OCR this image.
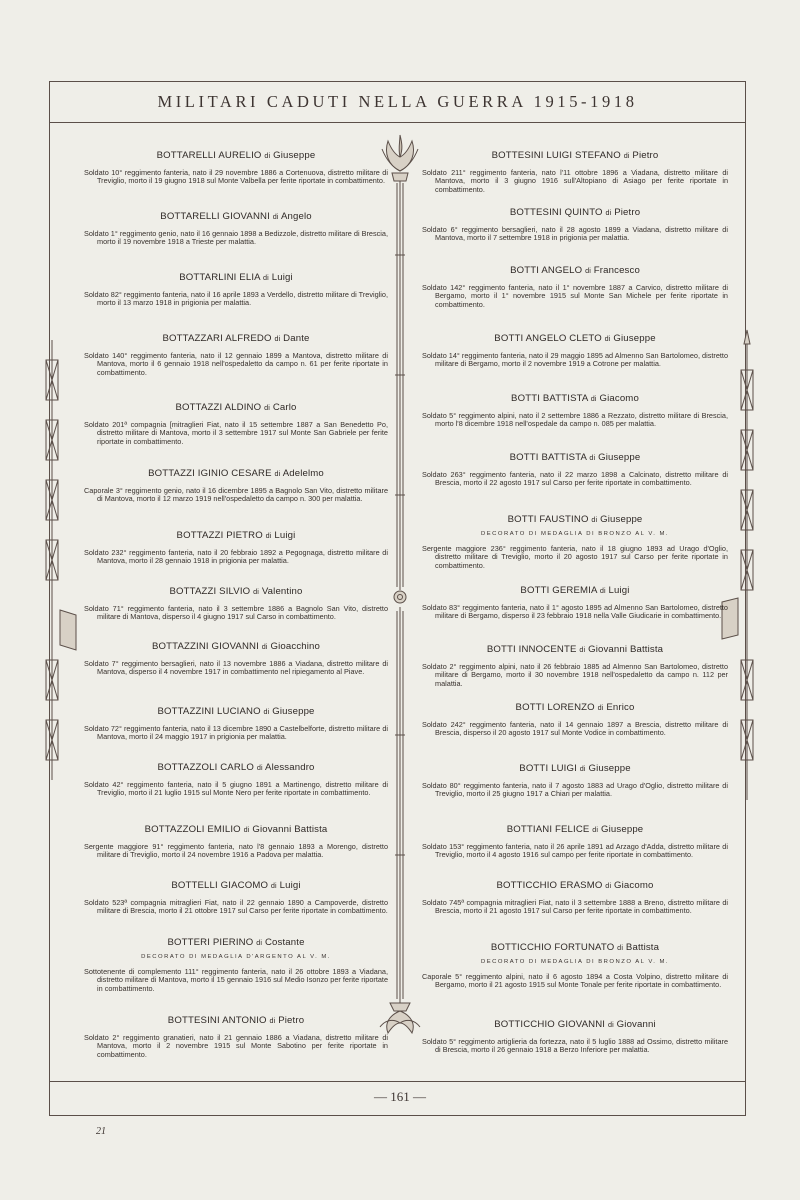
MILITARI CADUTI NELLA GUERRA 1915-1918
BOTTARELLI AURELIO di Giuseppe
Soldato 10° reggimento fanteria, nato il 29 novembre 1886 a Cortenuova, distretto militare di Treviglio, morto il 19 giugno 1918 sul Monte Valbella per ferite riportate in combattimento.
BOTTARELLI GIOVANNI di Angelo
Soldato 1° reggimento genio, nato il 16 gennaio 1898 a Bedizzole, distretto militare di Brescia, morto il 19 novembre 1918 a Trieste per malattia.
BOTTARLINI ELIA di Luigi
Soldato 82° reggimento fanteria, nato il 16 aprile 1893 a Verdello, distretto militare di Treviglio, morto il 13 marzo 1918 in prigionia per malattia.
BOTTAZZARI ALFREDO di Dante
Soldato 140° reggimento fanteria, nato il 12 gennaio 1899 a Mantova, distretto militare di Mantova, morto il 6 gennaio 1918 nell'ospedaletto da campo n. 61 per ferite riportate in combattimento.
BOTTAZZI ALDINO di Carlo
Soldato 201ª compagnia [mitraglieri Fiat, nato il 15 settembre 1887 a San Benedetto Po, distretto militare di Mantova, morto il 3 settembre 1917 sul Monte San Gabriele per ferite riportate in combattimento.
BOTTAZZI IGINIO CESARE di Adelelmo
Caporale 3° reggimento genio, nato il 16 dicembre 1895 a Bagnolo San Vito, distretto militare di Mantova, morto il 12 marzo 1919 nell'ospedaletto da campo n. 300 per malattia.
BOTTAZZI PIETRO di Luigi
Soldato 232° reggimento fanteria, nato il 20 febbraio 1892 a Pegognaga, distretto militare di Mantova, morto il 28 gennaio 1918 in prigionia per malattia.
BOTTAZZI SILVIO di Valentino
Soldato 71° reggimento fanteria, nato il 3 settembre 1886 a Bagnolo San Vito, distretto militare di Mantova, disperso il 4 giugno 1917 sul Carso in combattimento.
BOTTAZZINI GIOVANNI di Gioacchino
Soldato 7° reggimento bersaglieri, nato il 13 novembre 1886 a Viadana, distretto militare di Mantova, disperso il 4 novembre 1917 in combattimento nel ripiegamento al Piave.
BOTTAZZINI LUCIANO di Giuseppe
Soldato 72° reggimento fanteria, nato il 13 dicembre 1890 a Castelbelforte, distretto militare di Mantova, morto il 24 maggio 1917 in prigionia per malattia.
BOTTAZZOLI CARLO di Alessandro
Soldato 42° reggimento fanteria, nato il 5 giugno 1891 a Martinengo, distretto militare di Treviglio, morto il 21 luglio 1915 sul Monte Nero per ferite riportate in combattimento.
BOTTAZZOLI EMILIO di Giovanni Battista
Sergente maggiore 91° reggimento fanteria, nato l'8 gennaio 1893 a Morengo, distretto militare di Treviglio, morto il 24 novembre 1916 a Padova per malattia.
BOTTELLI GIACOMO di Luigi
Soldato 523ª compagnia mitraglieri Fiat, nato il 22 gennaio 1890 a Campoverde, distretto militare di Brescia, morto il 21 ottobre 1917 sul Carso per ferite riportate in combattimento.
BOTTERI PIERINO di Costante
DECORATO DI MEDAGLIA D'ARGENTO AL V. M.
Sottotenente di complemento 111° reggimento fanteria, nato il 26 ottobre 1893 a Viadana, distretto militare di Mantova, morto il 15 gennaio 1916 sul Medio Isonzo per ferite riportate in combattimento.
BOTTESINI ANTONIO di Pietro
Soldato 2° reggimento granatieri, nato il 21 gennaio 1886 a Viadana, distretto militare di Mantova, morto il 2 novembre 1915 sul Monte Sabotino per ferite riportate in combattimento.
BOTTESINI LUIGI STEFANO di Pietro
Soldato 211° reggimento fanteria, nato l'11 ottobre 1896 a Viadana, distretto militare di Mantova, morto il 3 giugno 1916 sull'Altopiano di Asiago per ferite riportate in combattimento.
BOTTESINI QUINTO di Pietro
Soldato 6° reggimento bersaglieri, nato il 28 agosto 1899 a Viadana, distretto militare di Mantova, morto il 7 settembre 1918 in prigionia per malattia.
BOTTI ANGELO di Francesco
Soldato 142° reggimento fanteria, nato il 1° novembre 1887 a Carvico, distretto militare di Bergamo, morto il 1° novembre 1915 sul Monte San Michele per ferite riportate in combattimento.
BOTTI ANGELO CLETO di Giuseppe
Soldato 14° reggimento fanteria, nato il 29 maggio 1895 ad Almenno San Bartolomeo, distretto militare di Bergamo, morto il 2 novembre 1919 a Cotrone per malattia.
BOTTI BATTISTA di Giacomo
Soldato 5° reggimento alpini, nato il 2 settembre 1886 a Rezzato, distretto militare di Brescia, morto l'8 dicembre 1918 nell'ospedale da campo n. 085 per malattia.
BOTTI BATTISTA di Giuseppe
Soldato 263° reggimento fanteria, nato il 22 marzo 1898 a Calcinato, distretto militare di Brescia, morto il 22 agosto 1917 sul Carso per ferite riportate in combattimento.
BOTTI FAUSTINO di Giuseppe
DECORATO DI MEDAGLIA DI BRONZO AL V. M.
Sergente maggiore 236° reggimento fanteria, nato il 18 giugno 1893 ad Urago d'Oglio, distretto militare di Treviglio, morto il 20 agosto 1917 sul Carso per ferite riportate in combattimento.
BOTTI GEREMIA di Luigi
Soldato 83° reggimento fanteria, nato il 1° agosto 1895 ad Almenno San Bartolomeo, distretto militare di Bergamo, disperso il 23 febbraio 1918 nella Valle Giudicarie in combattimento.
BOTTI INNOCENTE di Giovanni Battista
Soldato 2° reggimento alpini, nato il 26 febbraio 1885 ad Almenno San Bartolomeo, distretto militare di Bergamo, morto il 30 novembre 1918 nell'ospedaletto da campo n. 112 per malattia.
BOTTI LORENZO di Enrico
Soldato 242° reggimento fanteria, nato il 14 gennaio 1897 a Brescia, distretto militare di Brescia, disperso il 20 agosto 1917 sul Monte Vodice in combattimento.
BOTTI LUIGI di Giuseppe
Soldato 80° reggimento fanteria, nato il 7 agosto 1883 ad Urago d'Oglio, distretto militare di Treviglio, morto il 25 giugno 1917 a Chiari per malattia.
BOTTIANI FELICE di Giuseppe
Soldato 153° reggimento fanteria, nato il 26 aprile 1891 ad Arzago d'Adda, distretto militare di Treviglio, morto il 4 agosto 1916 sul campo per ferite riportate in combattimento.
BOTTICCHIO ERASMO di Giacomo
Soldato 745ª compagnia mitraglieri Fiat, nato il 3 settembre 1888 a Breno, distretto militare di Brescia, morto il 21 agosto 1917 sul Carso per ferite riportate in combattimento.
BOTTICCHIO FORTUNATO di Battista
DECORATO DI MEDAGLIA DI BRONZO AL V. M.
Caporale 5° reggimento alpini, nato il 6 agosto 1894 a Costa Volpino, distretto militare di Bergamo, morto il 21 agosto 1915 sul Monte Tonale per ferite riportate in combattimento.
BOTTICCHIO GIOVANNI di Giovanni
Soldato 5° reggimento artiglieria da fortezza, nato il 5 luglio 1888 ad Ossimo, distretto militare di Brescia, morto il 26 gennaio 1918 a Berzo Inferiore per malattia.
— 161 —
21
